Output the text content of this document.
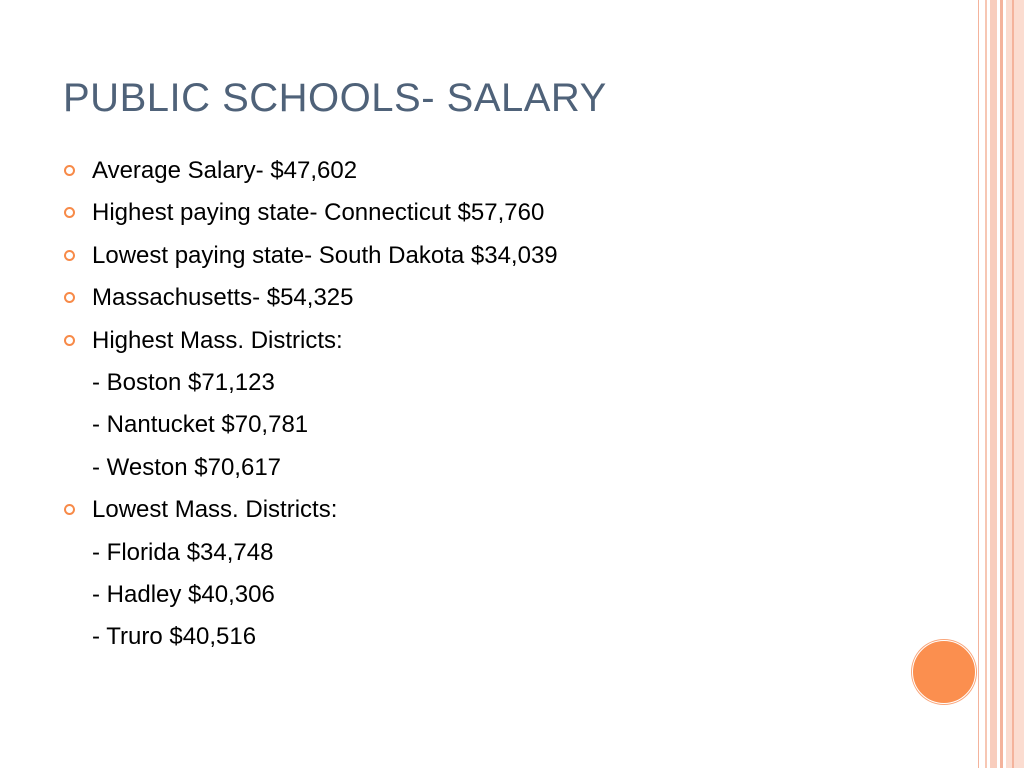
PUBLIC SCHOOLS- SALARY
Average Salary- $47,602
Highest paying state- Connecticut $57,760
Lowest paying state- South Dakota $34,039
Massachusetts- $54,325
Highest Mass. Districts:
- Boston $71,123
- Nantucket $70,781
- Weston $70,617
Lowest Mass. Districts:
- Florida $34,748
- Hadley $40,306
- Truro $40,516
